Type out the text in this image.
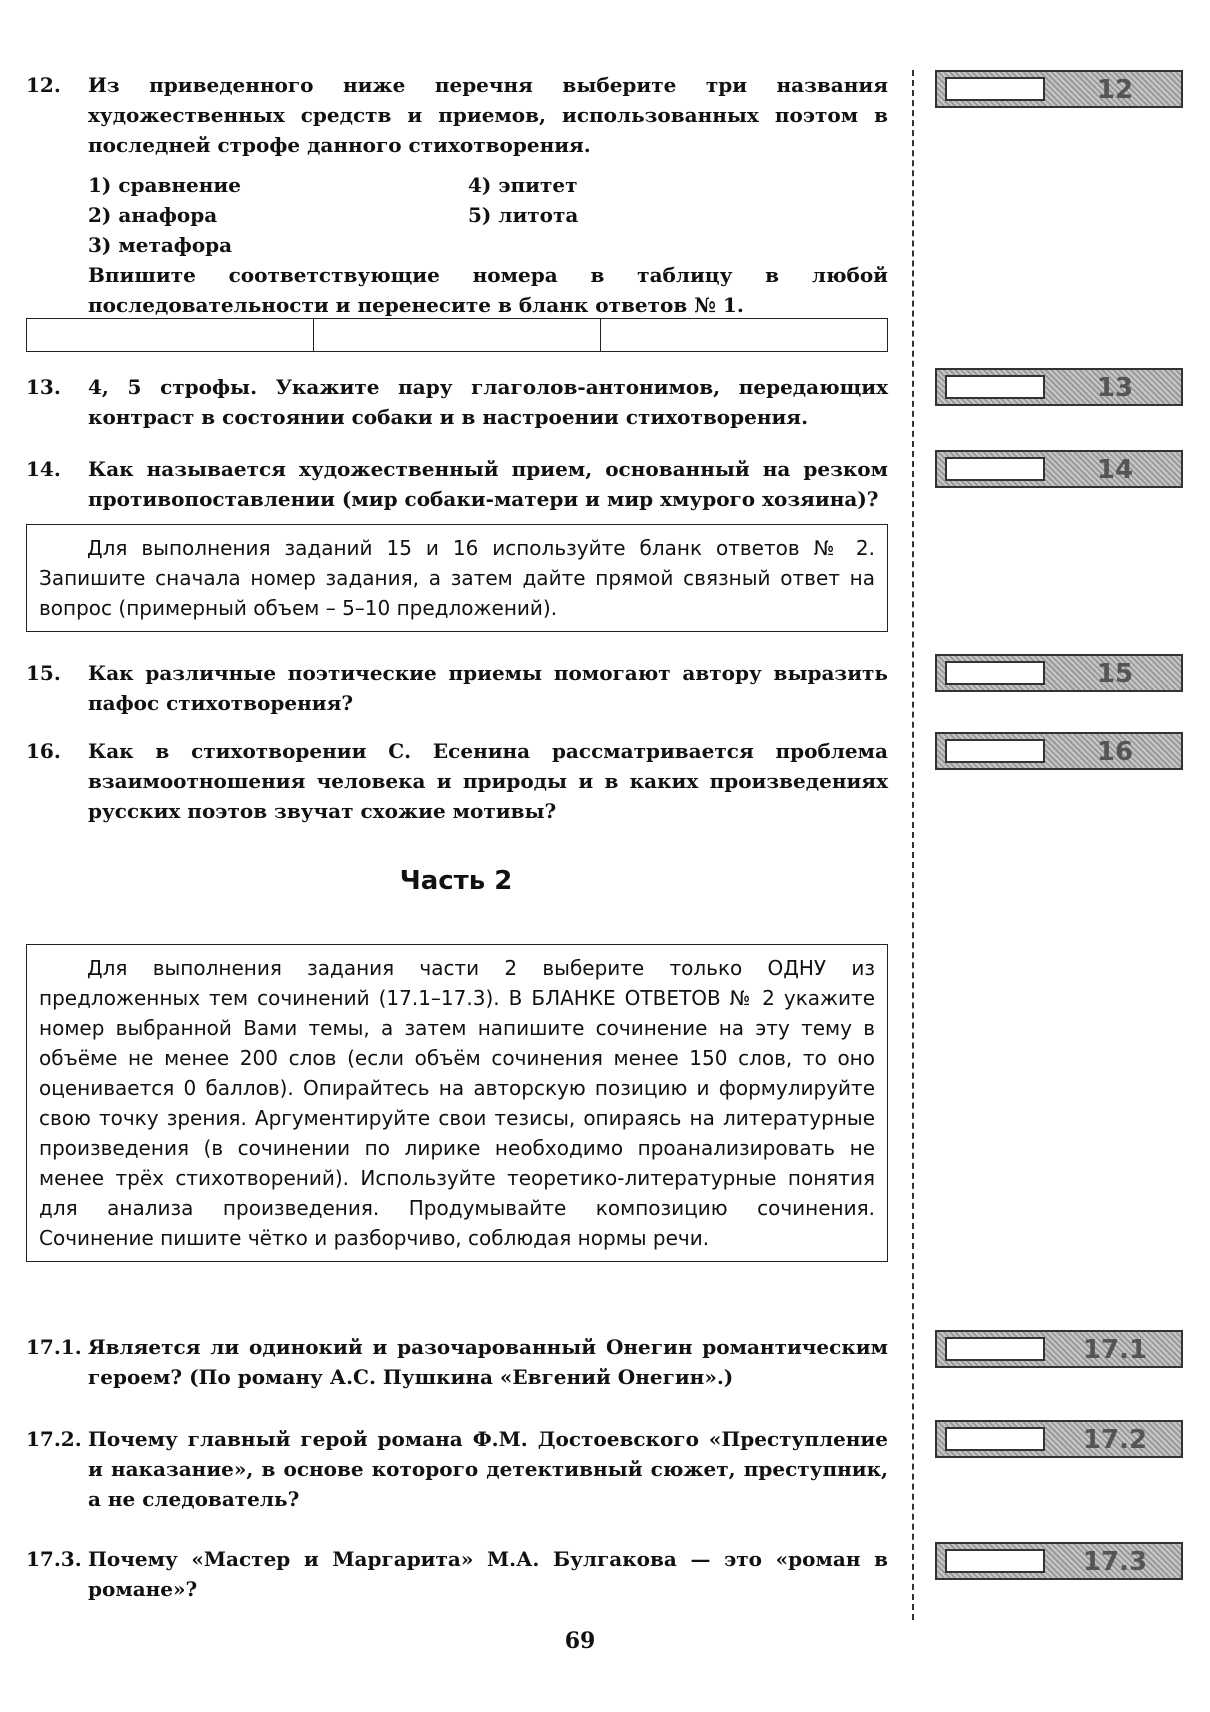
12. Из приведенного ниже перечня выберите три названия художественных средств и приемов, использованных поэтом в последней строфе данного стихотворения.
1) сравнение
2) анафора
3) метафора
4) эпитет
5) литота
Впишите соответствующие номера в таблицу в любой последовательности и перенесите в бланк ответов № 1.
13. 4, 5 строфы. Укажите пару глаголов-антонимов, передающих контраст в состоянии собаки и в настроении стихотворения.
14. Как называется художественный прием, основанный на резком противопоставлении (мир собаки-матери и мир хмурого хозяина)?
Для выполнения заданий 15 и 16 используйте бланк ответов № 2. Запишите сначала номер задания, а затем дайте прямой связный ответ на вопрос (примерный объем – 5–10 предложений).
15. Как различные поэтические приемы помогают автору выразить пафос стихотворения?
16. Как в стихотворении С. Есенина рассматривается проблема взаимоотношения человека и природы и в каких произведениях русских поэтов звучат схожие мотивы?
Часть 2
Для выполнения задания части 2 выберите только ОДНУ из предложенных тем сочинений (17.1–17.3). В БЛАНКЕ ОТВЕТОВ № 2 укажите номер выбранной Вами темы, а затем напишите сочинение на эту тему в объёме не менее 200 слов (если объём сочинения менее 150 слов, то оно оценивается 0 баллов). Опирайтесь на авторскую позицию и формулируйте свою точку зрения. Аргументируйте свои тезисы, опираясь на литературные произведения (в сочинении по лирике необходимо проанализировать не менее трёх стихотворений). Используйте теоретико-литературные понятия для анализа произведения. Продумывайте композицию сочинения. Сочинение пишите чётко и разборчиво, соблюдая нормы речи.
17.1. Является ли одинокий и разочарованный Онегин романтическим героем? (По роману А.С. Пушкина «Евгений Онегин».)
17.2. Почему главный герой романа Ф.М. Достоевского «Преступление и наказание», в основе которого детективный сюжет, преступник, а не следователь?
17.3. Почему «Мастер и Маргарита» М.А. Булгакова — это «роман в романе»?
12
13
14
15
16
17.1
17.2
17.3
69
